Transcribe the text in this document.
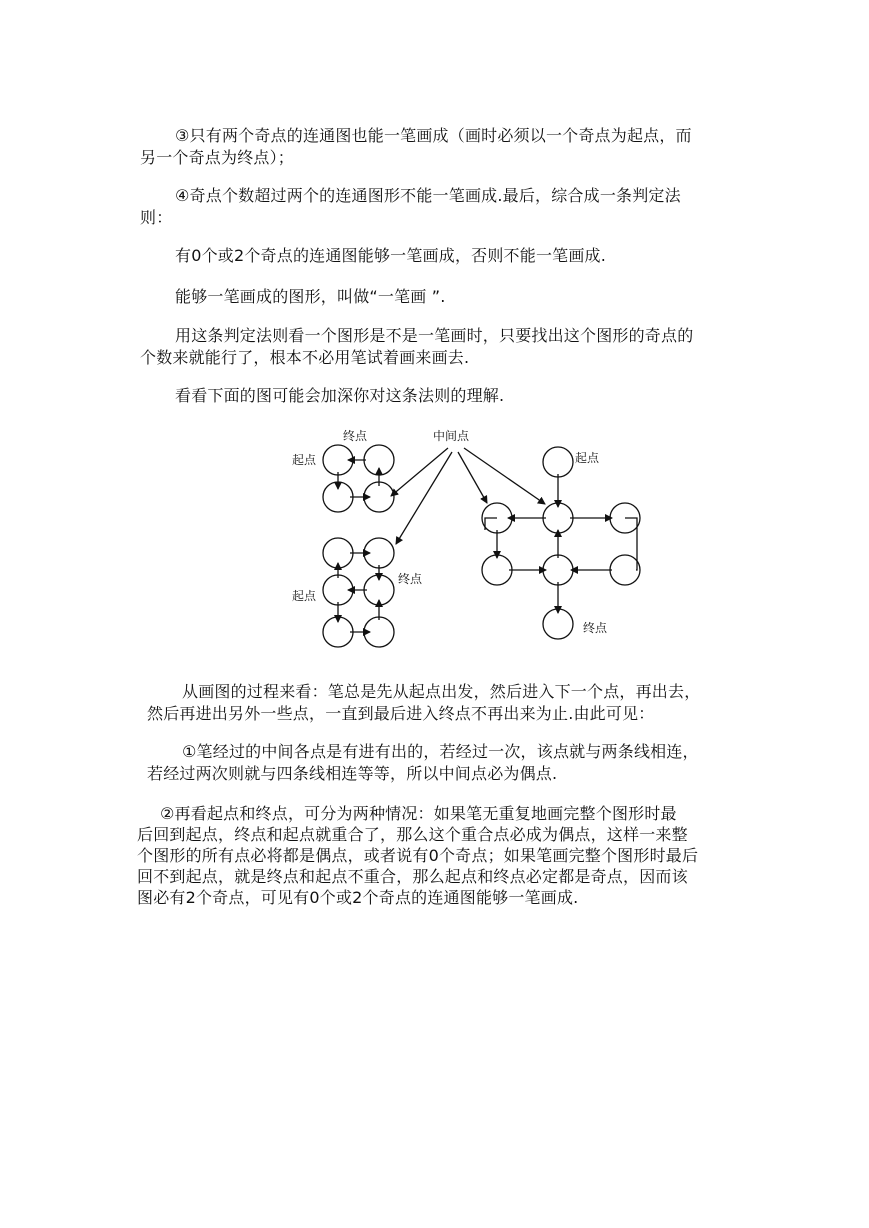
③只有两个奇点的连通图也能一笔画成（画时必须以一个奇点为起点，而
另一个奇点为终点）；
④奇点个数超过两个的连通图形不能一笔画成.最后，综合成一条判定法
则：
有0个或2个奇点的连通图能够一笔画成，否则不能一笔画成.
能够一笔画成的图形，叫做“一笔画 ”.
用这条判定法则看一个图形是不是一笔画时，只要找出这个图形的奇点的
个数来就能行了，根本不必用笔试着画来画去.
看看下面的图可能会加深你对这条法则的理解.
中间点
终点
起点
终点
起点
起点
终点
从画图的过程来看：笔总是先从起点出发，然后进入下一个点，再出去，
然后再进出另外一些点，一直到最后进入终点不再出来为止.由此可见：
①笔经过的中间各点是有进有出的，若经过一次，该点就与两条线相连，
若经过两次则就与四条线相连等等，所以中间点必为偶点.
②再看起点和终点，可分为两种情况：如果笔无重复地画完整个图形时最
后回到起点，终点和起点就重合了，那么这个重合点必成为偶点，这样一来整
个图形的所有点必将都是偶点，或者说有0个奇点；如果笔画完整个图形时最后
回不到起点，就是终点和起点不重合，那么起点和终点必定都是奇点，因而该
图必有2个奇点，可见有0个或2个奇点的连通图能够一笔画成.
